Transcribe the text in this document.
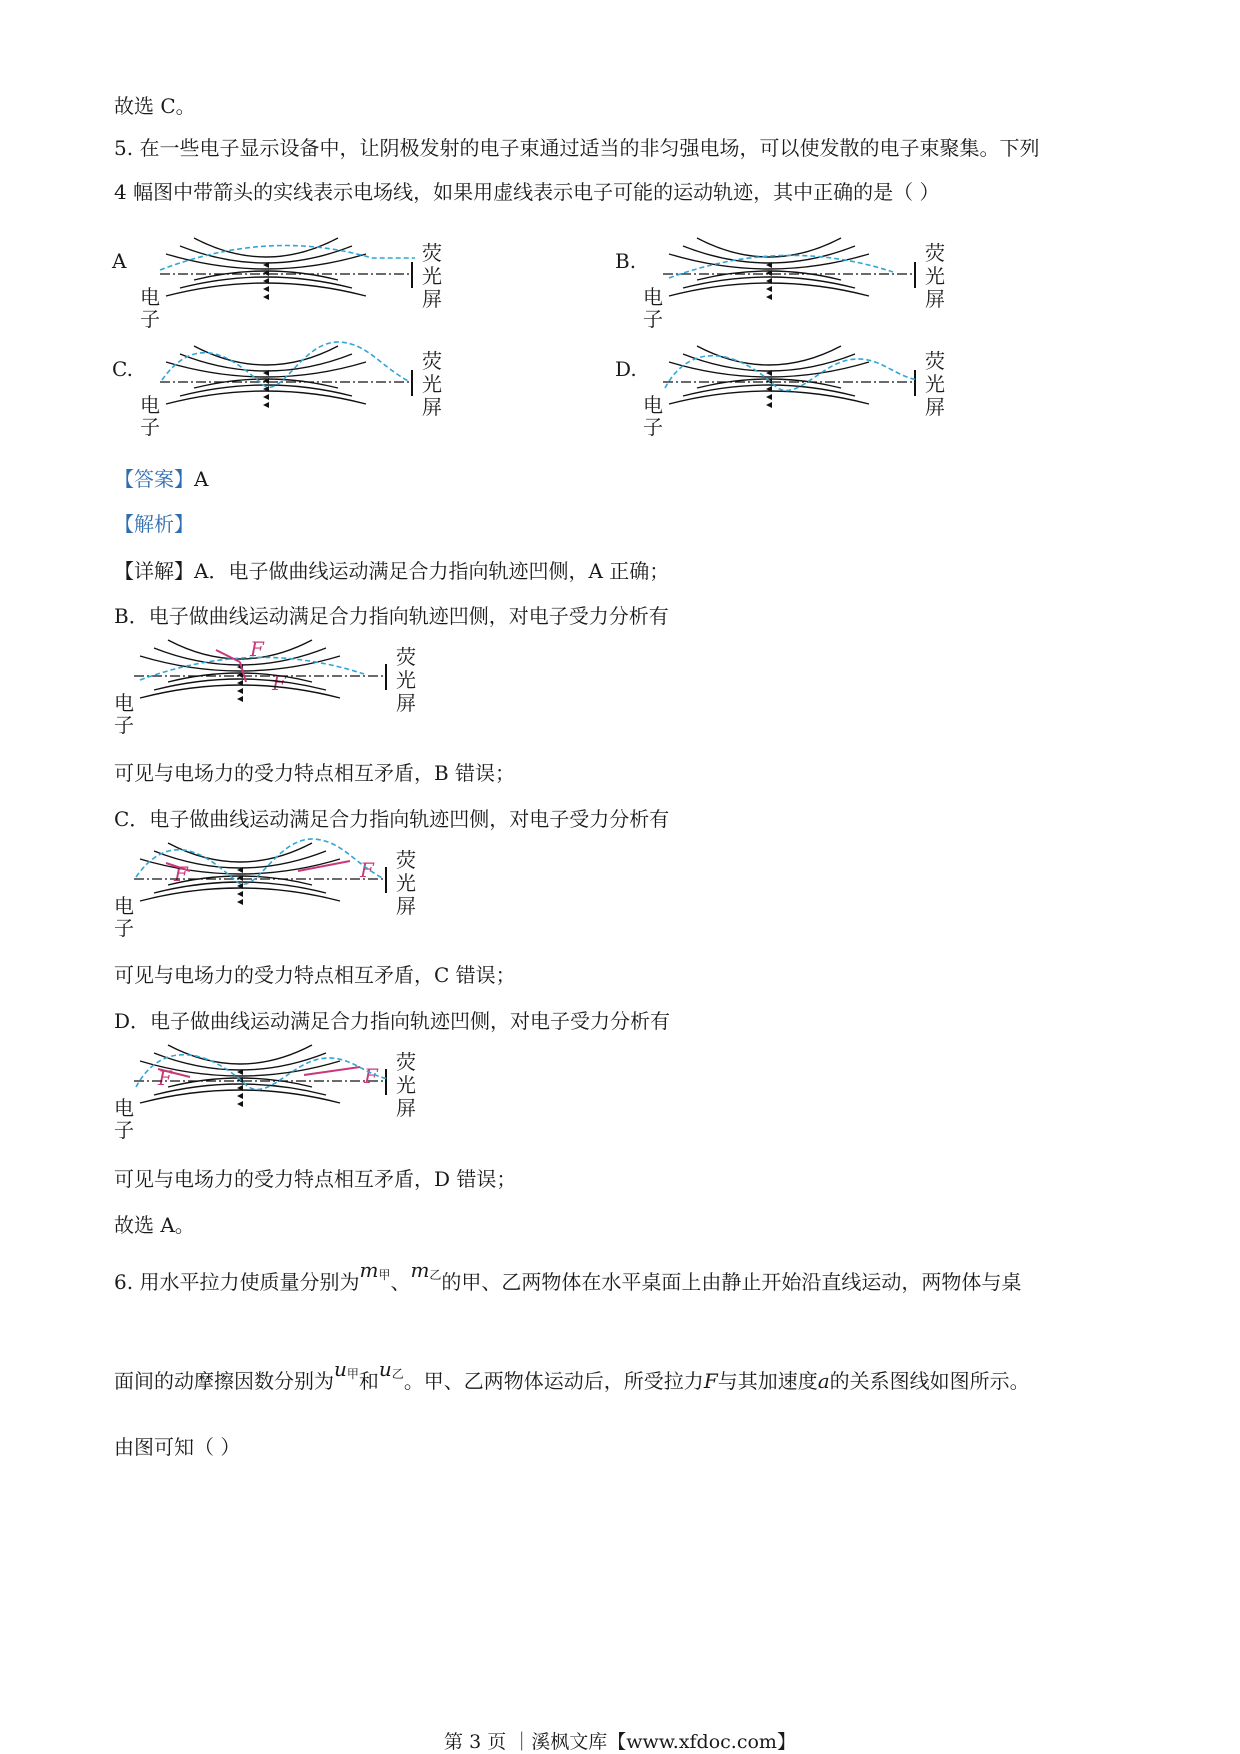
故选 C。
5. 在一些电子显示设备中，让阴极发射的电子束通过适当的非匀强电场，可以使发散的电子束聚集。下列
4 幅图中带箭头的实线表示电场线，如果用虚线表示电子可能的运动轨迹，其中正确的是（ ）
A	B.
C.	D.
电子
荧
光
屏	电子
荧
光
屏
电子
荧
光
屏	电子
荧
光
屏
【答案】A
【解析】
【详解】A．电子做曲线运动满足合力指向轨迹凹侧，A 正确；
B．电子做曲线运动满足合力指向轨迹凹侧，对电子受力分析有
电子
荧
光
屏
F
F
可见与电场力的受力特点相互矛盾，B 错误；
C．电子做曲线运动满足合力指向轨迹凹侧，对电子受力分析有
电子
荧
光
屏
F	F
可见与电场力的受力特点相互矛盾，C 错误；
D．电子做曲线运动满足合力指向轨迹凹侧，对电子受力分析有
电子
荧
光
屏
F	F
可见与电场力的受力特点相互矛盾，D 错误；
故选 A。
6. 用水平拉力使质量分别为m甲、m乙的甲、乙两物体在水平桌面上由静止开始沿直线运动，两物体与桌
面间的动摩擦因数分别为u甲和u乙。甲、乙两物体运动后，所受拉力F与其加速度a的关系图线如图所示。
由图可知（ ）
第 3 页 ｜溪枫文库【www.xfdoc.com】
